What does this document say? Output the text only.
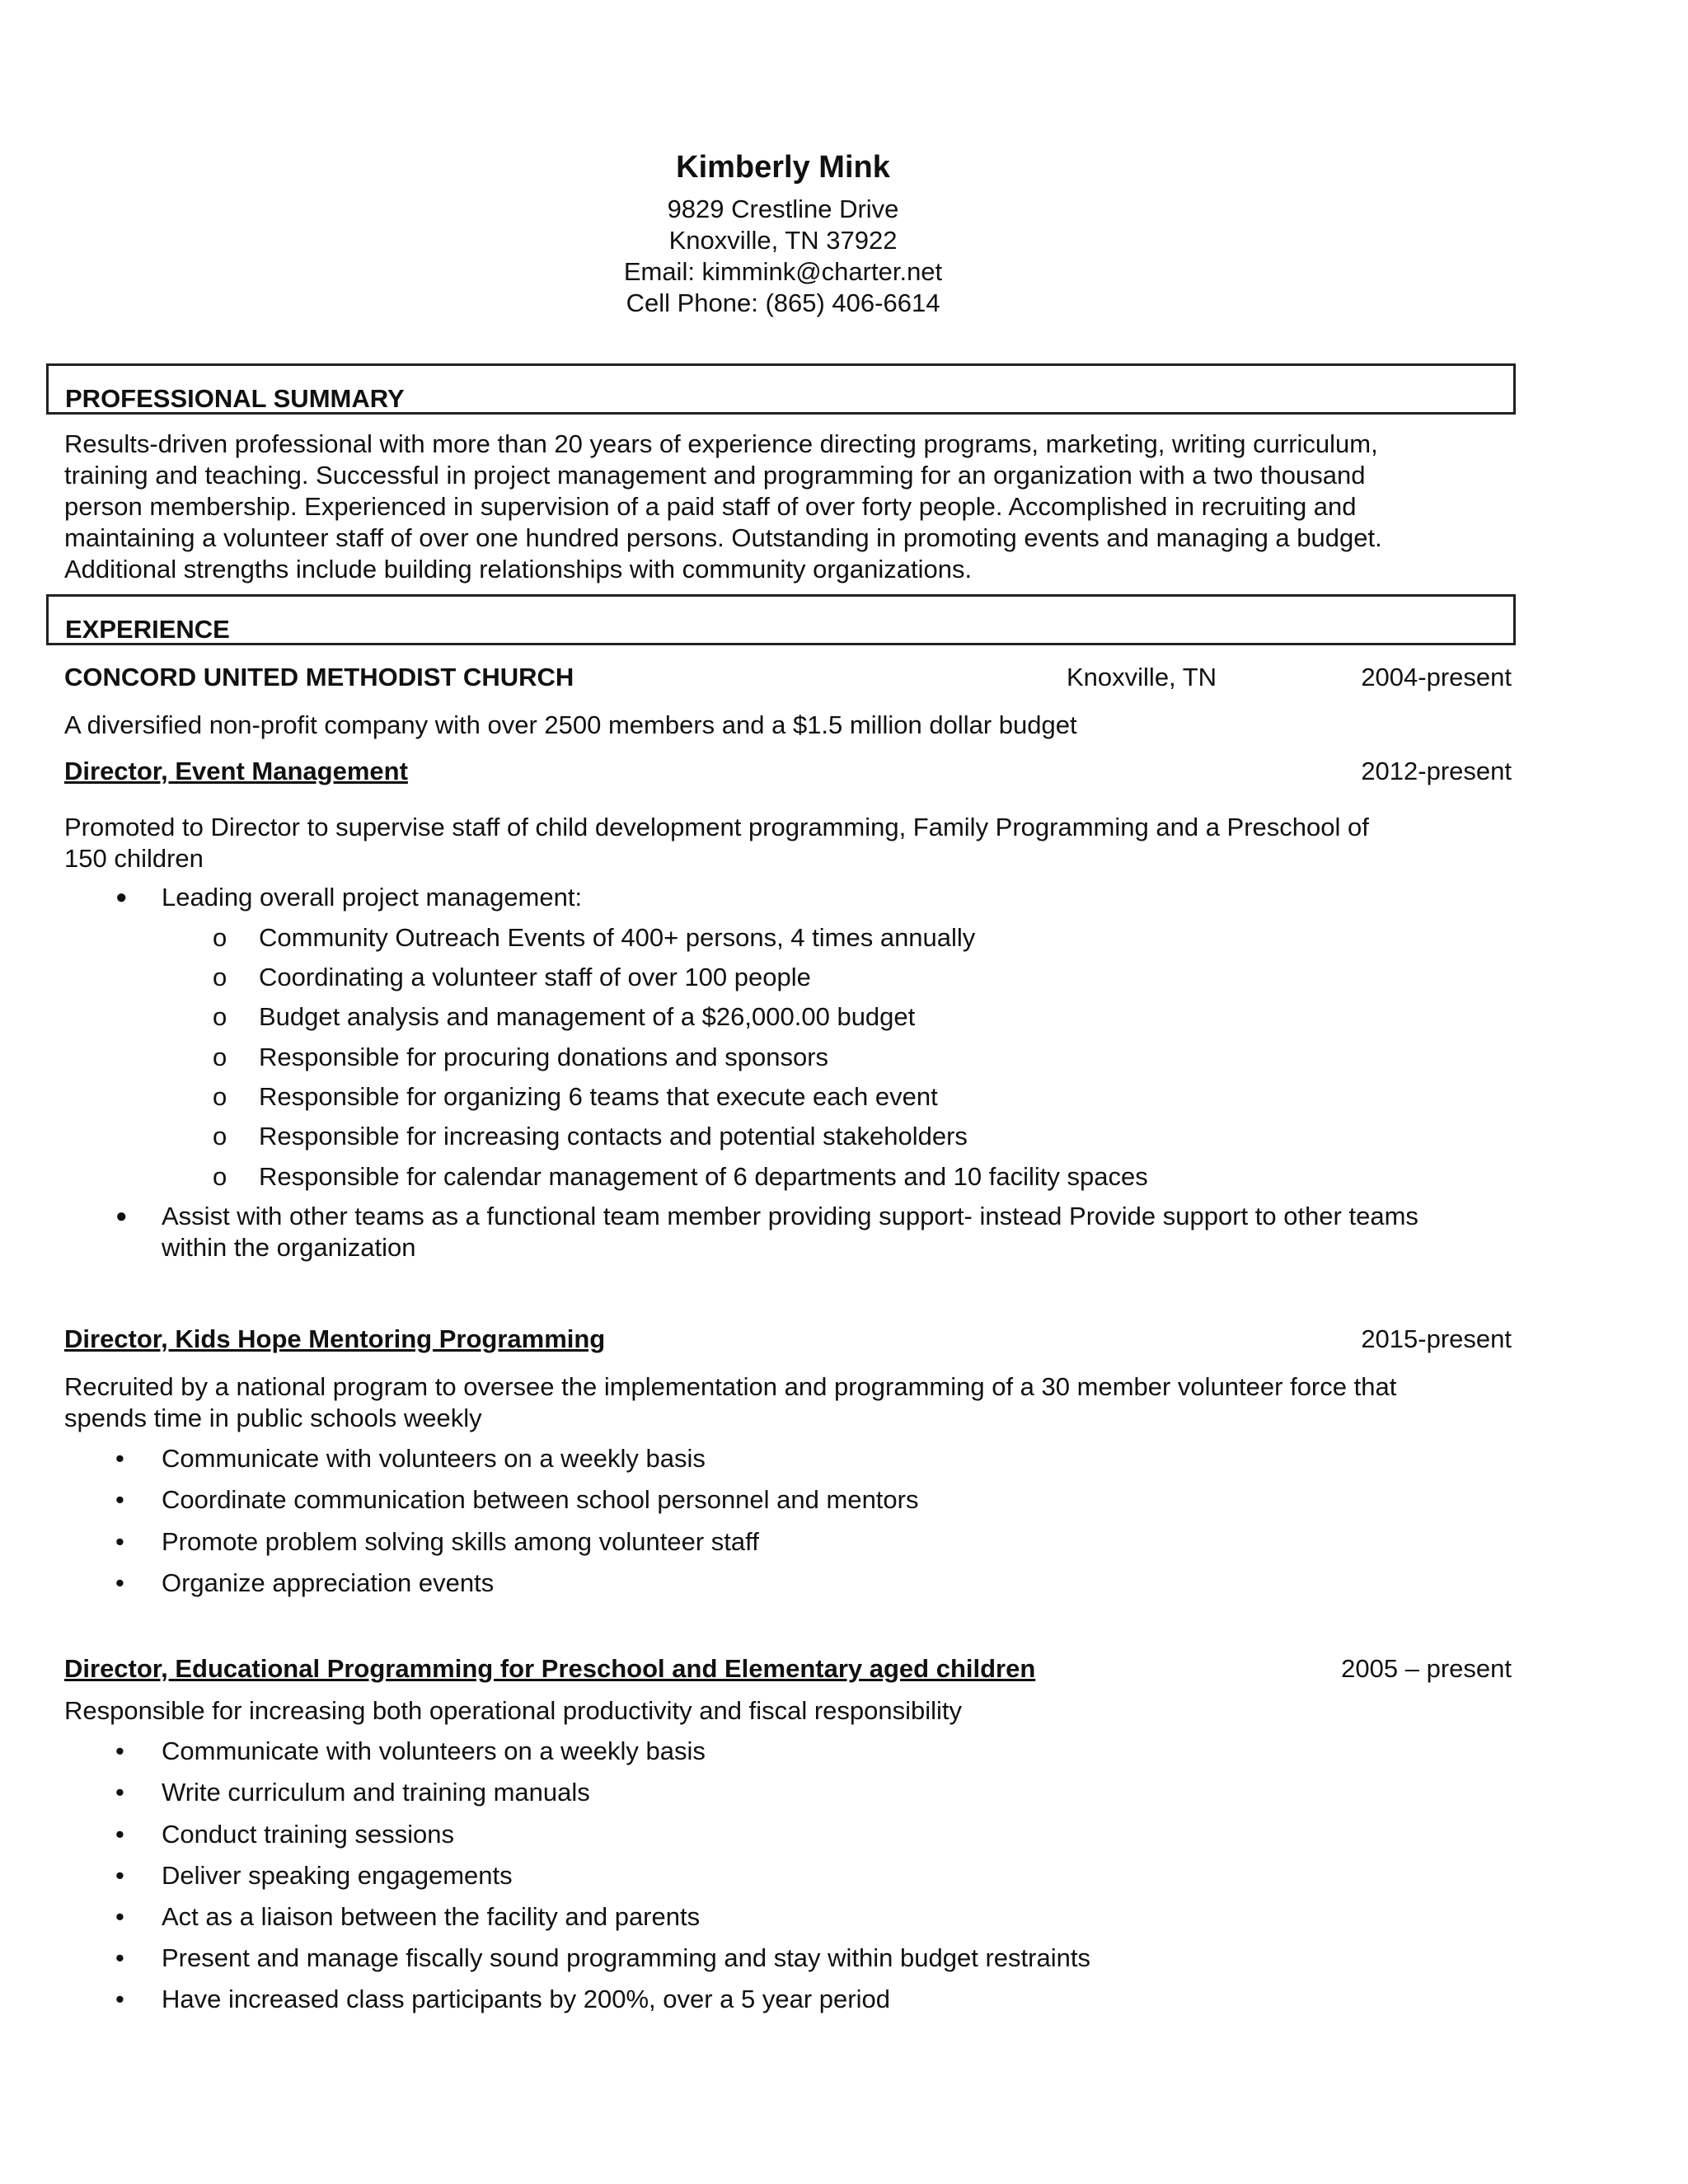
Kimberly Mink
9829 Crestline Drive
Knoxville, TN 37922
Email: kimmink@charter.net
Cell Phone: (865) 406-6614
PROFESSIONAL SUMMARY
Results-driven professional with more than 20 years of experience directing programs, marketing, writing curriculum,
training and teaching. Successful in project management and programming for an organization with a two thousand
person membership. Experienced in supervision of a paid staff of over forty people. Accomplished in recruiting and
maintaining a volunteer staff of over one hundred persons. Outstanding in promoting events and managing a budget.
Additional strengths include building relationships with community organizations.
EXPERIENCE
CONCORD UNITED METHODIST CHURCH	Knoxville, TN	2004-present
A diversified non-profit company with over 2500 members and a $1.5 million dollar budget
Director, Event Management	2012-present
Promoted to Director to supervise staff of child development programming, Family Programming and a Preschool of
150 children
● Leading overall project management:
o Community Outreach Events of 400+ persons, 4 times annually
o Coordinating a volunteer staff of over 100 people
o Budget analysis and management of a $26,000.00 budget
o Responsible for procuring donations and sponsors
o Responsible for organizing 6 teams that execute each event
o Responsible for increasing contacts and potential stakeholders
o Responsible for calendar management of 6 departments and 10 facility spaces
● Assist with other teams as a functional team member providing support- instead Provide support to other teams
within the organization
Director, Kids Hope Mentoring Programming	2015-present
Recruited by a national program to oversee the implementation and programming of a 30 member volunteer force that
spends time in public schools weekly
• Communicate with volunteers on a weekly basis
• Coordinate communication between school personnel and mentors
• Promote problem solving skills among volunteer staff
• Organize appreciation events
Director, Educational Programming for Preschool and Elementary aged children	2005 – present
Responsible for increasing both operational productivity and fiscal responsibility
• Communicate with volunteers on a weekly basis
• Write curriculum and training manuals
• Conduct training sessions
• Deliver speaking engagements
• Act as a liaison between the facility and parents
• Present and manage fiscally sound programming and stay within budget restraints
• Have increased class participants by 200%, over a 5 year period
